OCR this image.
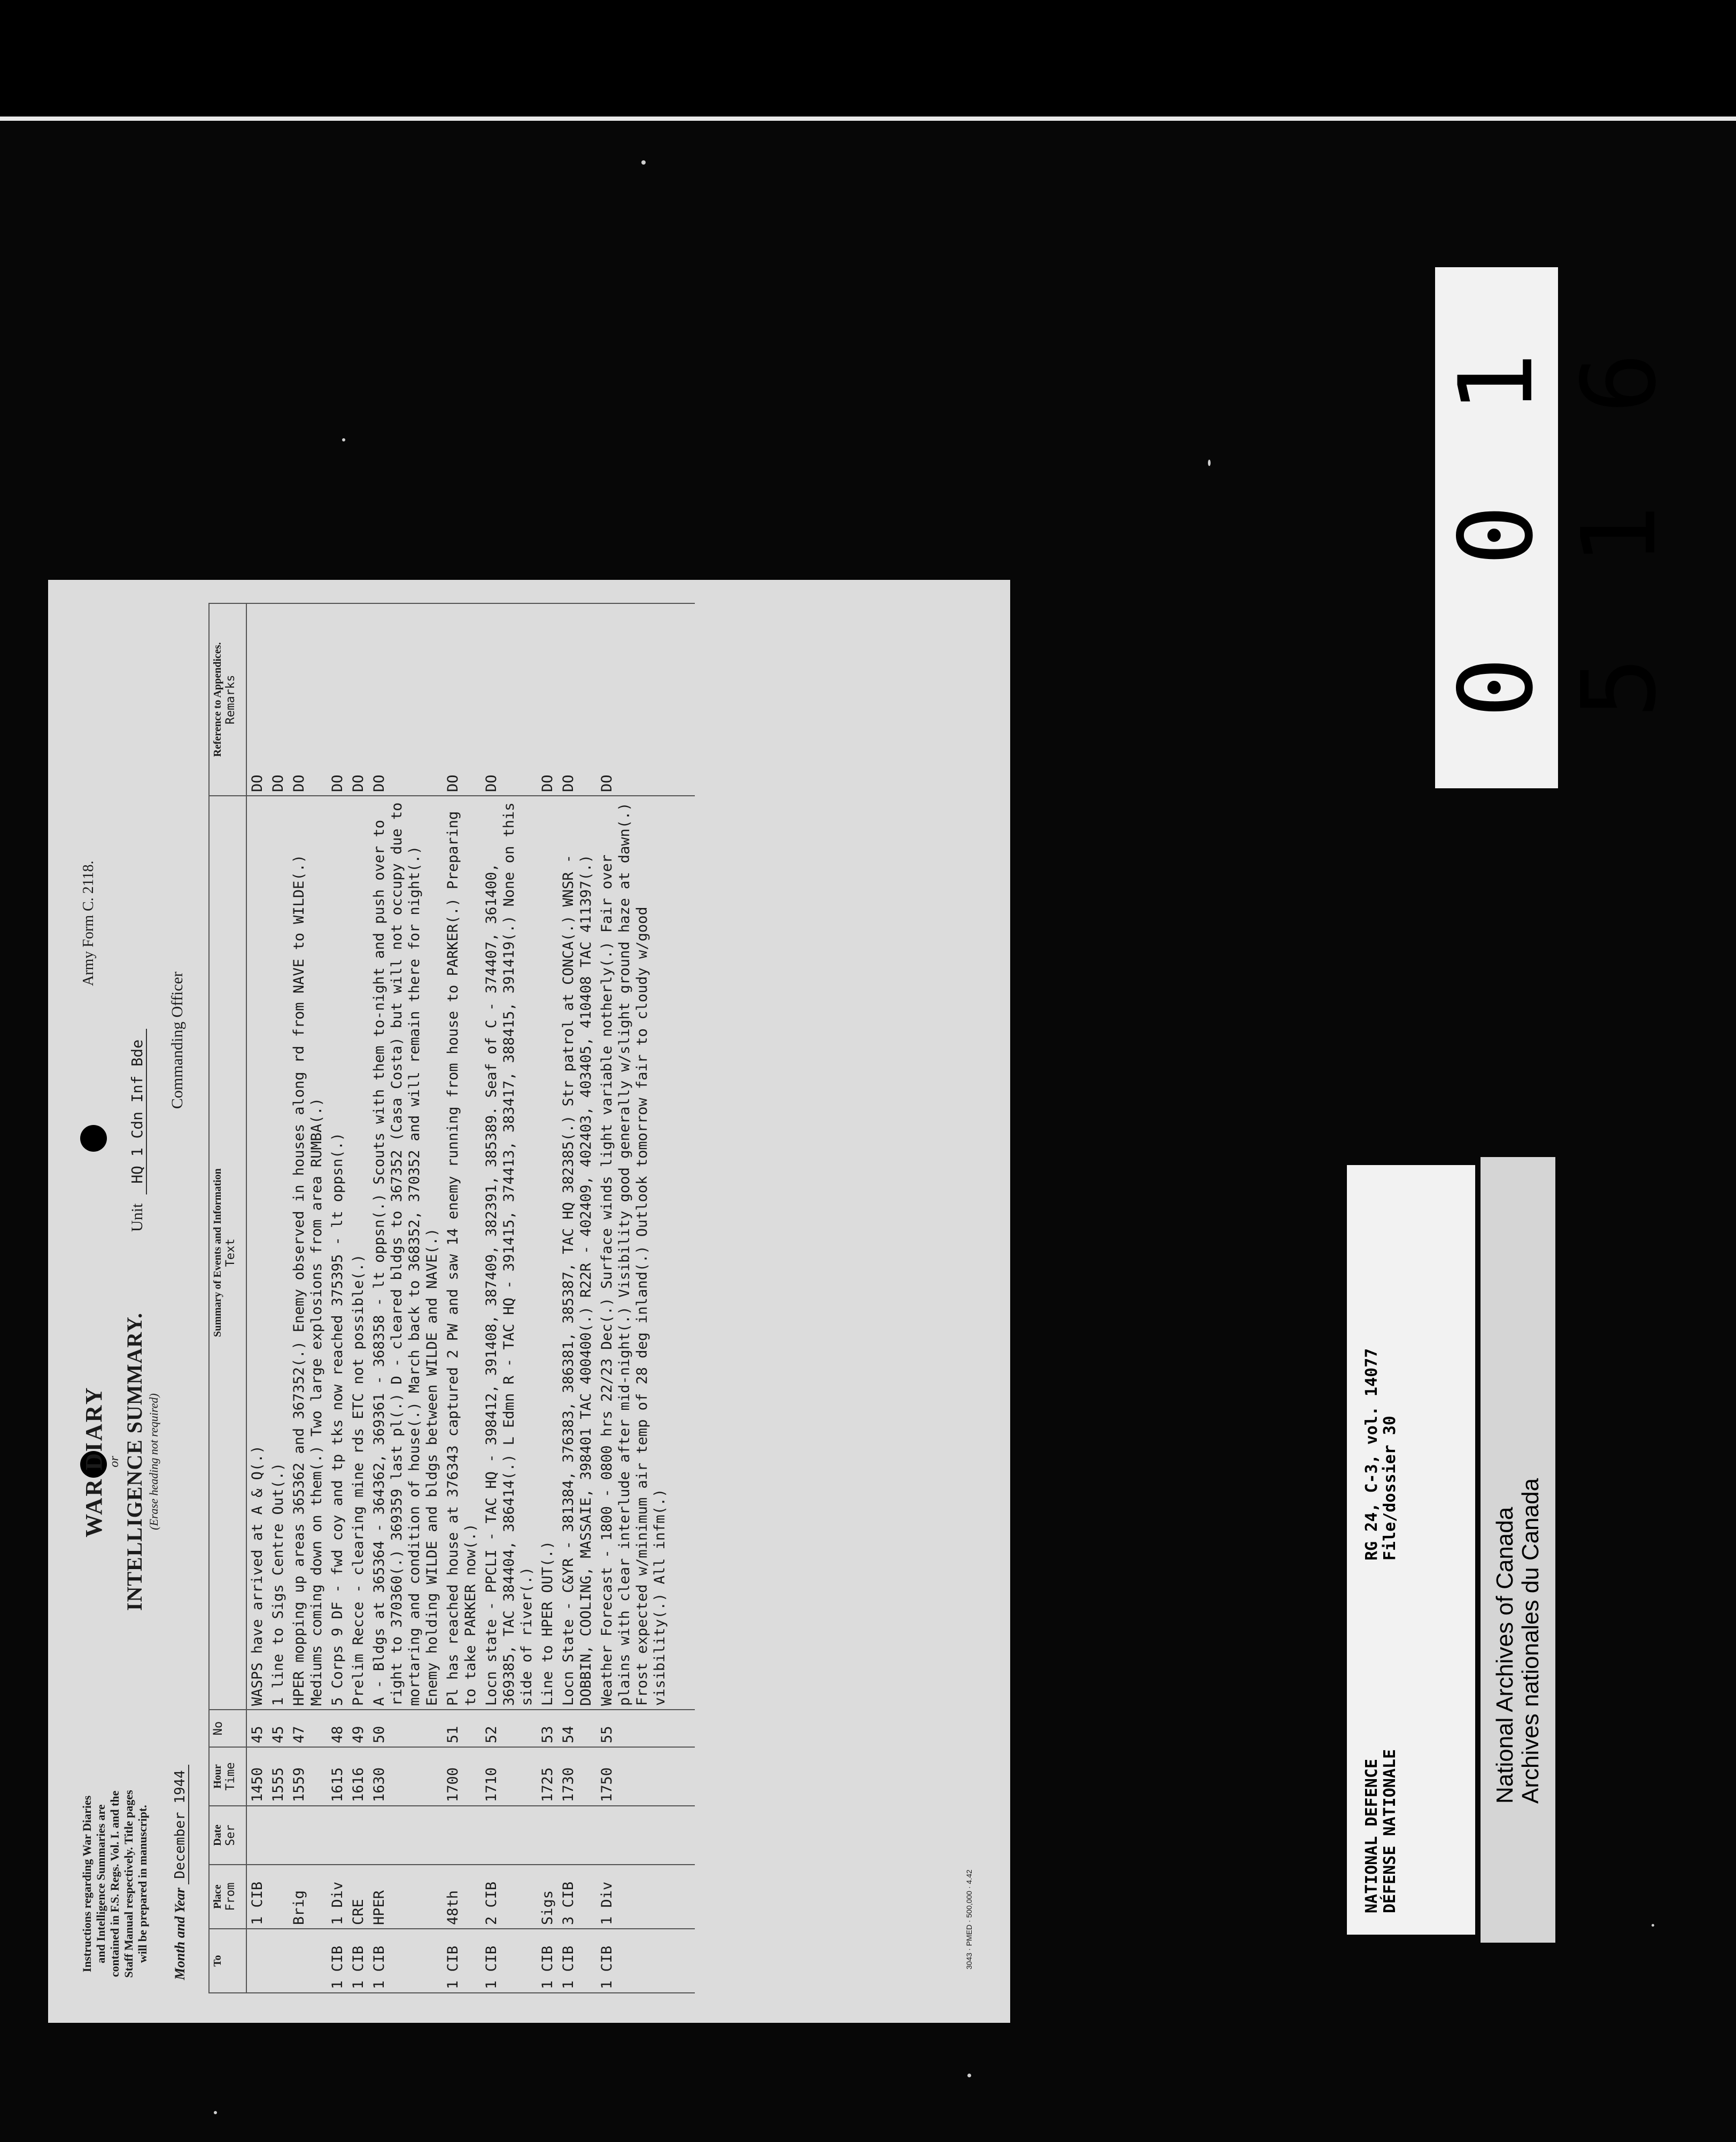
Instructions regarding War Diaries and Intelligence Summaries are contained in F.S. Regs. Vol. I. and the Staff Manual respectively. Title pages will be prepared in manuscript. Month and Year December 1944
WAR DIARY or INTELLIGENCE SUMMARY. (Erase heading not required)
Army Form C. 2118.
Unit HQ 1 Cdn Inf Bde Commanding Officer
To	Place From	Date Ser	Hour Time	No	Summary of Events and Information Text	Reference to Appendices. Remarks

	1 CIB		1450	45	WASPS have arrived at A & Q(.)	DO
			1555	45	1 line to Sigs Centre Out(.)	DO
	Brig		1559	47	HPER mopping up areas 365362 and 367352(.) Enemy observed in houses along rd from NAVE to WILDE(.) Mediums coming down on them(.) Two large explosions from area RUMBA(.)	DO
1 CIB	1 Div		1615	48	5 Corps 9 DF - fwd coy and tp tks now reached 375395 - lt oppsn(.)	DO
1 CIB	CRE		1616	49	Prelim Recce - clearing mine rds ETC not possible(.)	DO
1 CIB	HPER		1630	50	A - Bldgs at 365364 - 364362, 369361 - 368358 - lt oppsn(.) Scouts with them to-night and push over to right to 370360(.) 369359 last pl(.) D - cleared bldgs to 367352 (Casa Costa) but will not occupy due to mortaring and condition of house(.) March back to 368352, 370352 and will remain there for night(.) Enemy holding WILDE and bldgs between WILDE and NAVE(.)	DO
1 CIB	48th		1700	51	Pl has reached house at 376343 captured 2 PW and saw 14 enemy running from house to PARKER(.) Preparing to take PARKER now(.)	DO
1 CIB	2 CIB		1710	52	Locn state - PPCLI - TAC HQ - 398412, 391408, 387409, 382391, 385389. Seaf of C - 374407, 361400, 369385, TAC 384404, 386414(.) L Edmn R - TAC HQ - 391415, 374413, 383417, 388415, 391419(.) None on this side of river(.)	DO
1 CIB	Sigs		1725	53	Line to HPER OUT(.)	DO
1 CIB	3 CIB		1730	54	Locn State - C&YR - 381384, 376383, 386381, 385387, TAC HQ 382385(.) Str patrol at CONCA(.) WNSR - DOBBIN, COOLING, MASSAIE, 398401 TAC 400400(.) R22R - 402409, 402403, 403405, 410408 TAC 411397(.)	DO
1 CIB	1 Div		1750	55	Weather Forecast - 1800 - 0800 hrs 22/23 Dec(.) Surface winds light variable notherly(.) Fair over plains with clear interlude after mid-night(.) Visibility good generally w/slight ground haze at dawn(.) Frost expected w/minimum air temp of 28 deg inland(.) Outlook tomorrow fair to cloudy w/good visibility(.) All infm(.)	DO

3043 · PMED · 500,000 · 4.42
0 0 1 5 1 6
NATIONAL DEFENCE DÉFENSE NATIONALE
RG 24, C-3, vol. 14077 File/dossier 30
National Archives of Canada Archives nationales du Canada
